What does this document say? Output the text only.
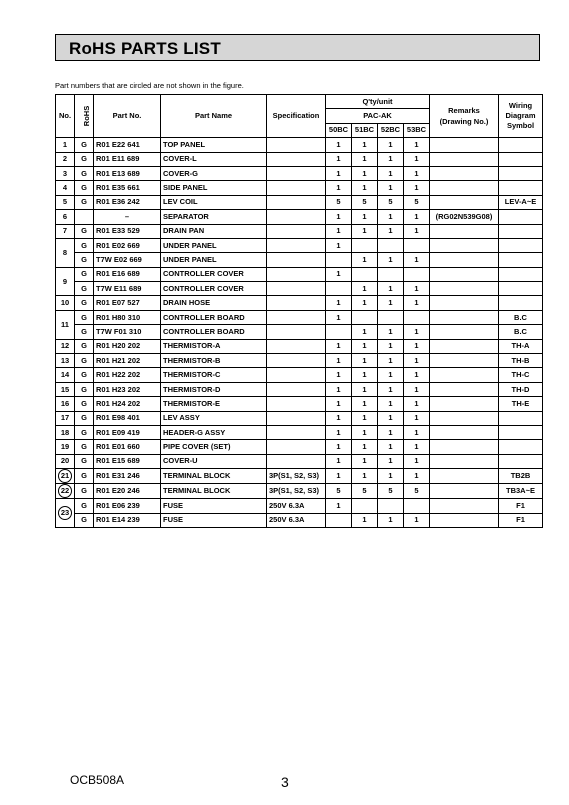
RoHS PARTS LIST
Part numbers that are circled are not shown in the figure.
No.	RoHS	Part No.	Part Name	Specification	Q'ty/unit				Remarks
(Drawing No.)	Wiring
Diagram
Symbol
					PAC-AK					
					50BC	51BC	52BC	53BC		
1	G	R01 E22 641	TOP PANEL		1	1	1	1		
2	G	R01 E11 689	COVER-L		1	1	1	1		
3	G	R01 E13 689	COVER-G		1	1	1	1		
4	G	R01 E35 661	SIDE PANEL		1	1	1	1		
5	G	R01 E36 242	LEV COIL		5	5	5	5		LEV-A~E
6		–	SEPARATOR		1	1	1	1	(RG02N539G08)	
7	G	R01 E33 529	DRAIN PAN		1	1	1	1		
8	G	R01 E02 669	UNDER PANEL		1					
	G	T7W E02 669	UNDER PANEL			1	1	1		
9	G	R01 E16 689	CONTROLLER COVER		1					
	G	T7W E11 689	CONTROLLER COVER			1	1	1		
10	G	R01 E07 527	DRAIN HOSE		1	1	1	1		
11	G	R01 H80 310	CONTROLLER BOARD		1					B.C
	G	T7W F01 310	CONTROLLER BOARD			1	1	1		B.C
12	G	R01 H20 202	THERMISTOR-A		1	1	1	1		TH-A
13	G	R01 H21 202	THERMISTOR-B		1	1	1	1		TH-B
14	G	R01 H22 202	THERMISTOR-C		1	1	1	1		TH-C
15	G	R01 H23 202	THERMISTOR-D		1	1	1	1		TH-D
16	G	R01 H24 202	THERMISTOR-E		1	1	1	1		TH-E
17	G	R01 E98 401	LEV ASSY		1	1	1	1		
18	G	R01 E09 419	HEADER-G ASSY		1	1	1	1		
19	G	R01 E01 660	PIPE COVER (SET)		1	1	1	1		
20	G	R01 E15 689	COVER-U		1	1	1	1		
21	G	R01 E31 246	TERMINAL BLOCK	3P(S1, S2, S3)	1	1	1	1		TB2B
22	G	R01 E20 246	TERMINAL BLOCK	3P(S1, S2, S3)	5	5	5	5		TB3A~E
23	G	R01 E06 239	FUSE	250V 6.3A	1					F1
	G	R01 E14 239	FUSE	250V 6.3A		1	1	1		F1
OCB508A	3
